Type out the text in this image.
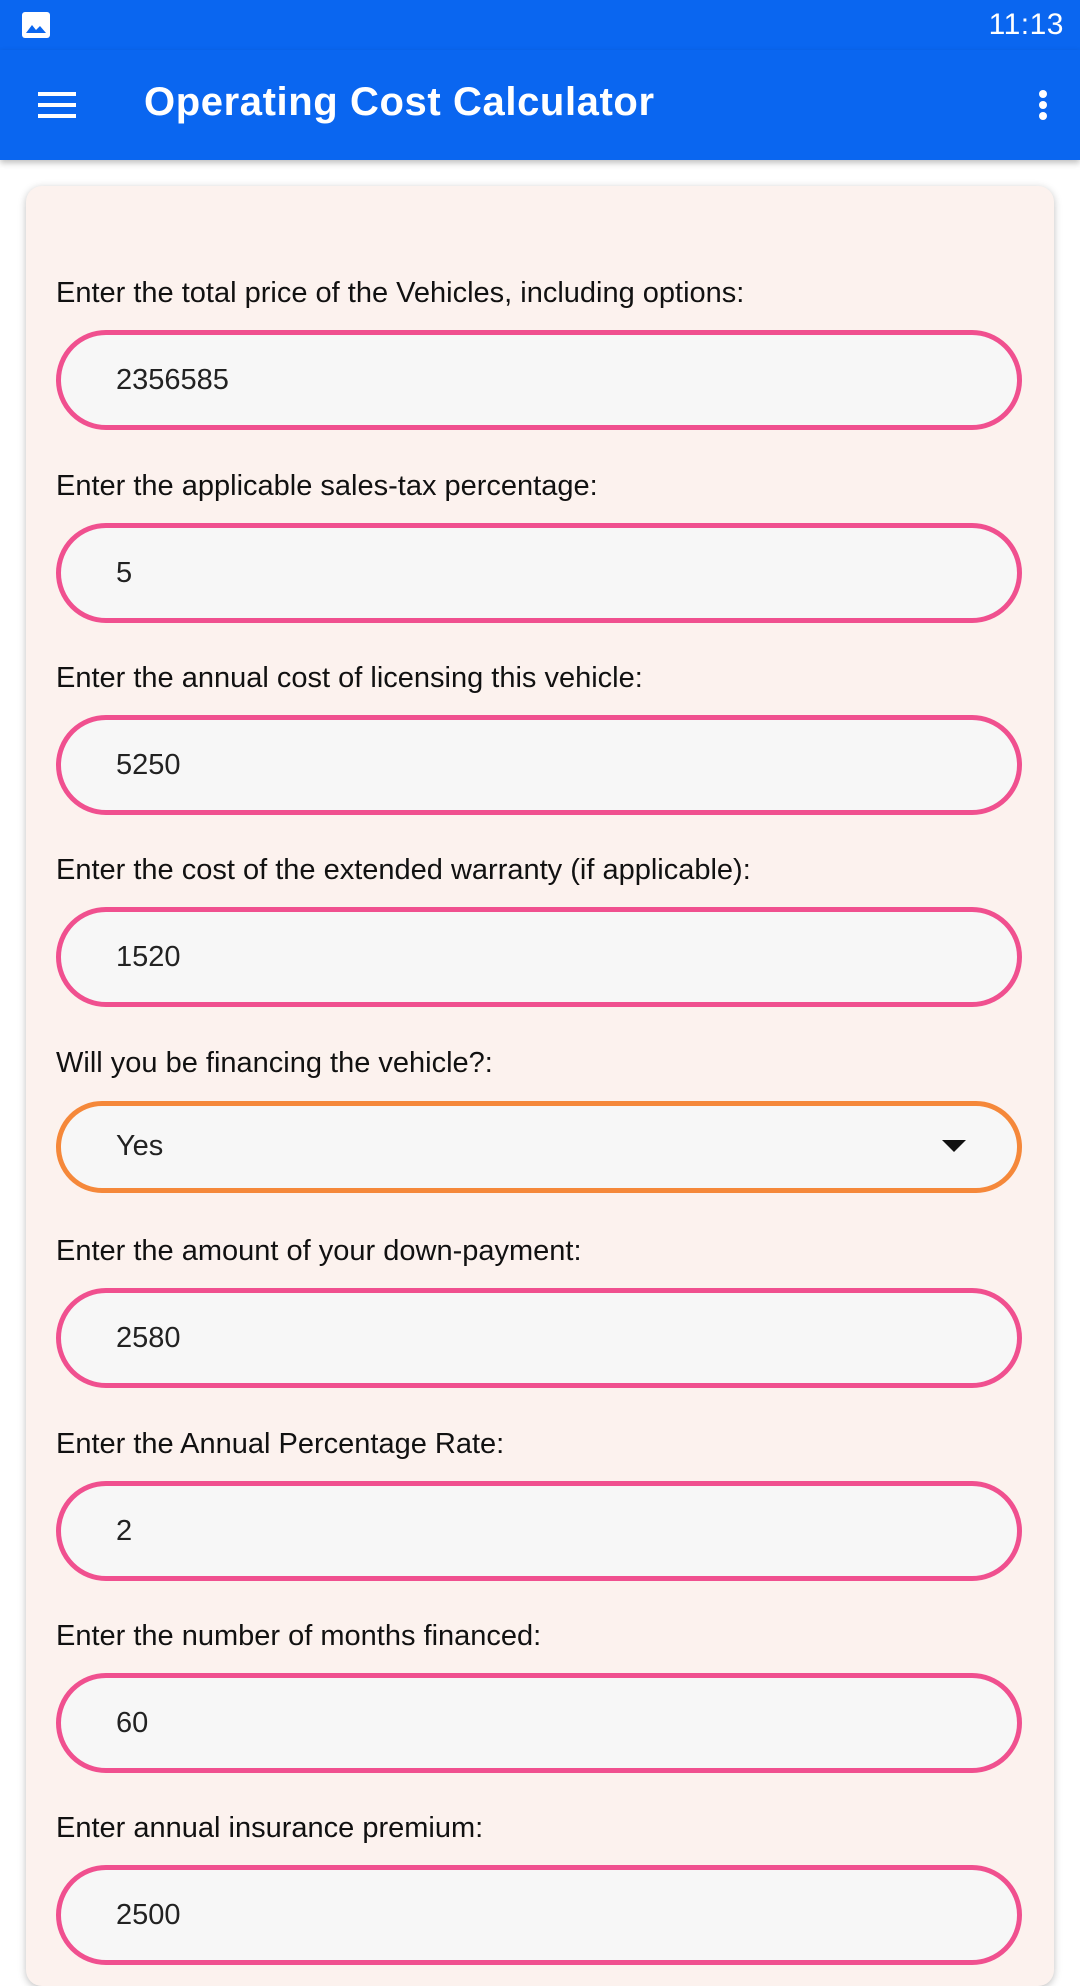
11:13
Operating Cost Calculator
Enter the total price of the Vehicles, including options:
2356585
Enter the applicable sales-tax percentage:
5
Enter the annual cost of licensing this vehicle:
5250
Enter the cost of the extended warranty (if applicable):
1520
Will you be financing the vehicle?:
Yes
Enter the amount of your down-payment:
2580
Enter the Annual Percentage Rate:
2
Enter the number of months financed:
60
Enter annual insurance premium:
2500
